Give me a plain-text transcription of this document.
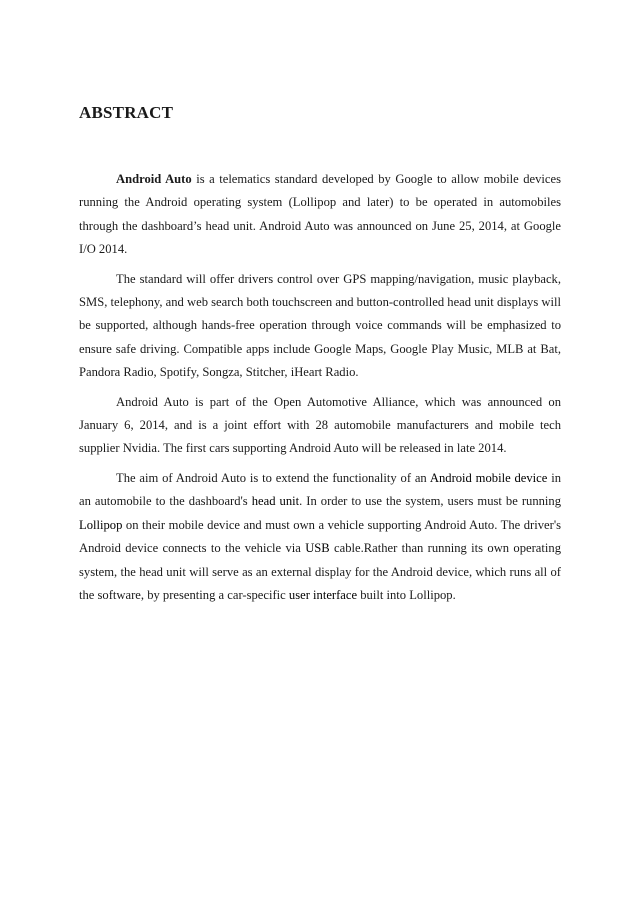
ABSTRACT

Android Auto is a telematics standard developed by Google to allow mobile devices running the Android operating system (Lollipop and later) to be operated in automobiles through the dashboard’s head unit. Android Auto was announced on June 25, 2014, at Google I/O 2014.

The standard will offer drivers control over GPS mapping/navigation, music playback, SMS, telephony, and web search both touchscreen and button-controlled head unit displays will be supported, although hands-free operation through voice commands will be emphasized to ensure safe driving. Compatible apps include Google Maps, Google Play Music, MLB at Bat, Pandora Radio, Spotify, Songza, Stitcher, iHeart Radio.

Android Auto is part of the Open Automotive Alliance, which was announced on January 6, 2014, and is a joint effort with 28 automobile manufacturers and mobile tech supplier Nvidia. The first cars supporting Android Auto will be released in late 2014.

The aim of Android Auto is to extend the functionality of an Android mobile device in an automobile to the dashboard's head unit. In order to use the system, users must be running Lollipop on their mobile device and must own a vehicle supporting Android Auto. The driver's Android device connects to the vehicle via USB cable.Rather than running its own operating system, the head unit will serve as an external display for the Android device, which runs all of the software, by presenting a car-specific user interface built into Lollipop.
